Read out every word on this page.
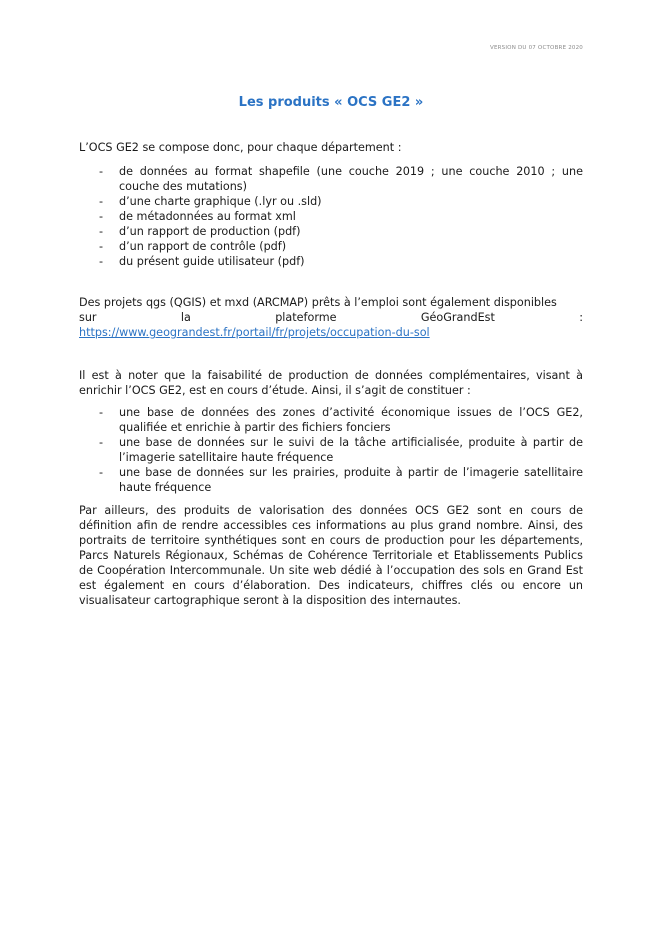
VERSION DU 07 OCTOBRE 2020
Les produits « OCS GE2 »

L’OCS GE2 se compose donc, pour chaque département :

- de données au format shapefile (une couche 2019 ; une couche 2010 ; une couche des mutations)
- d’une charte graphique (.lyr ou .sld)
- de métadonnées au format xml
- d’un rapport de production (pdf)
- d’un rapport de contrôle (pdf)
- du présent guide utilisateur (pdf)

Des projets qgs (QGIS) et mxd (ARCMAP) prêts à l’emploi sont également disponibles

sur la plateforme GéoGrandEst :

https://www.geograndest.fr/portail/fr/projets/occupation-du-sol

Il est à noter que la faisabilité de production de données complémentaires, visant à enrichir l’OCS GE2, est en cours d’étude. Ainsi, il s’agit de constituer :

- une base de données des zones d’activité économique issues de l’OCS GE2, qualifiée et enrichie à partir des fichiers fonciers
- une base de données sur le suivi de la tâche artificialisée, produite à partir de l’imagerie satellitaire haute fréquence
- une base de données sur les prairies, produite à partir de l’imagerie satellitaire haute fréquence

Par ailleurs, des produits de valorisation des données OCS GE2 sont en cours de définition afin de rendre accessibles ces informations au plus grand nombre. Ainsi, des portraits de territoire synthétiques sont en cours de production pour les départements, Parcs Naturels Régionaux, Schémas de Cohérence Territoriale et Etablissements Publics de Coopération Intercommunale. Un site web dédié à l’occupation des sols en Grand Est est également en cours d’élaboration. Des indicateurs, chiffres clés ou encore un visualisateur cartographique seront à la disposition des internautes.
